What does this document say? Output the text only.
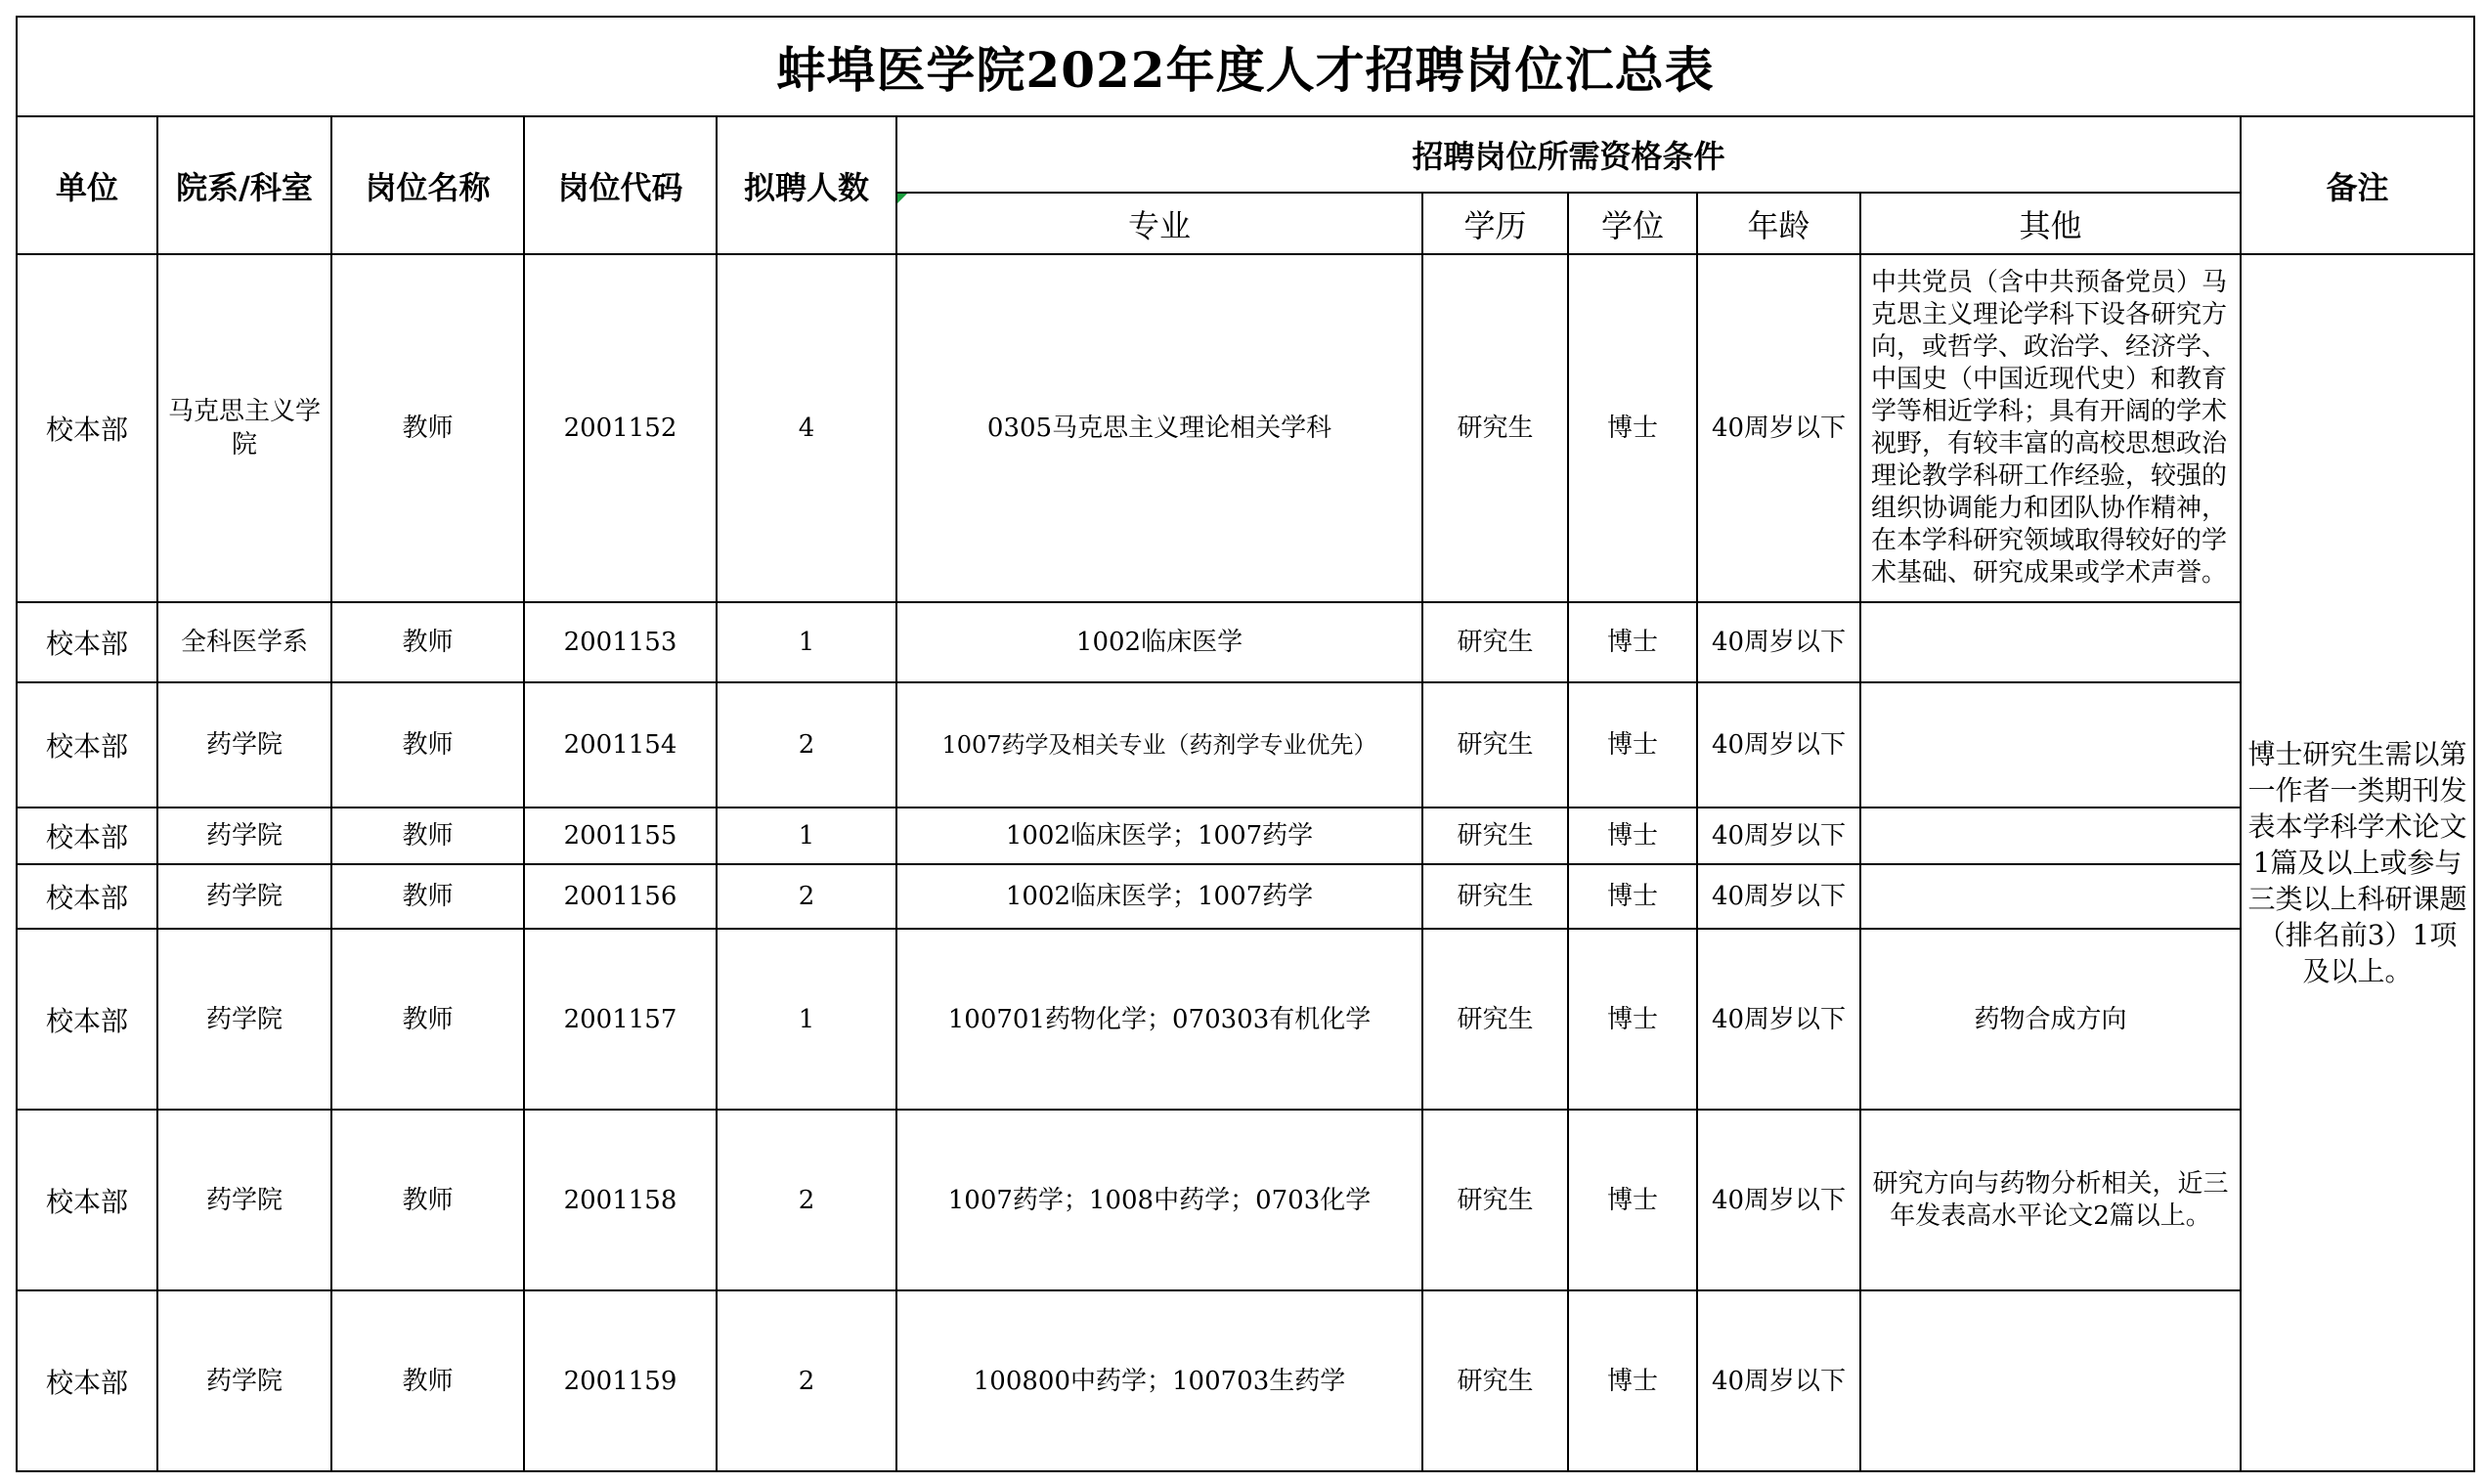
蚌埠医学院2022年度人才招聘岗位汇总表										
单位	院系/科室	岗位名称	岗位代码	拟聘人数	招聘岗位所需资格条件					备注
					专业	学历	学位	年龄	其他	
校本部	马克思主义学院	教师	2001152	4	0305马克思主义理论相关学科	研究生	博士	40周岁以下	中共党员（含中共预备党员）马克思主义理论学科下设各研究方向，或哲学、政治学、经济学、中国史（中国近现代史）和教育学等相近学科；具有开阔的学术视野，有较丰富的高校思想政治理论教学科研工作经验，较强的组织协调能力和团队协作精神，在本学科研究领域取得较好的学术基础、研究成果或学术声誉。	博士研究生需以第一作者一类期刊发表本学科学术论文1篇及以上或参与三类以上科研课题（排名前3）1项及以上。
校本部	全科医学系	教师	2001153	1	1002临床医学	研究生	博士	40周岁以下		
校本部	药学院	教师	2001154	2	1007药学及相关专业（药剂学专业优先）	研究生	博士	40周岁以下		
校本部	药学院	教师	2001155	1	1002临床医学；1007药学	研究生	博士	40周岁以下		
校本部	药学院	教师	2001156	2	1002临床医学；1007药学	研究生	博士	40周岁以下		
校本部	药学院	教师	2001157	1	100701药物化学；070303有机化学	研究生	博士	40周岁以下	药物合成方向	
校本部	药学院	教师	2001158	2	1007药学；1008中药学；0703化学	研究生	博士	40周岁以下	研究方向与药物分析相关，近三年发表高水平论文2篇以上。	
校本部	药学院	教师	2001159	2	100800中药学；100703生药学	研究生	博士	40周岁以下		
